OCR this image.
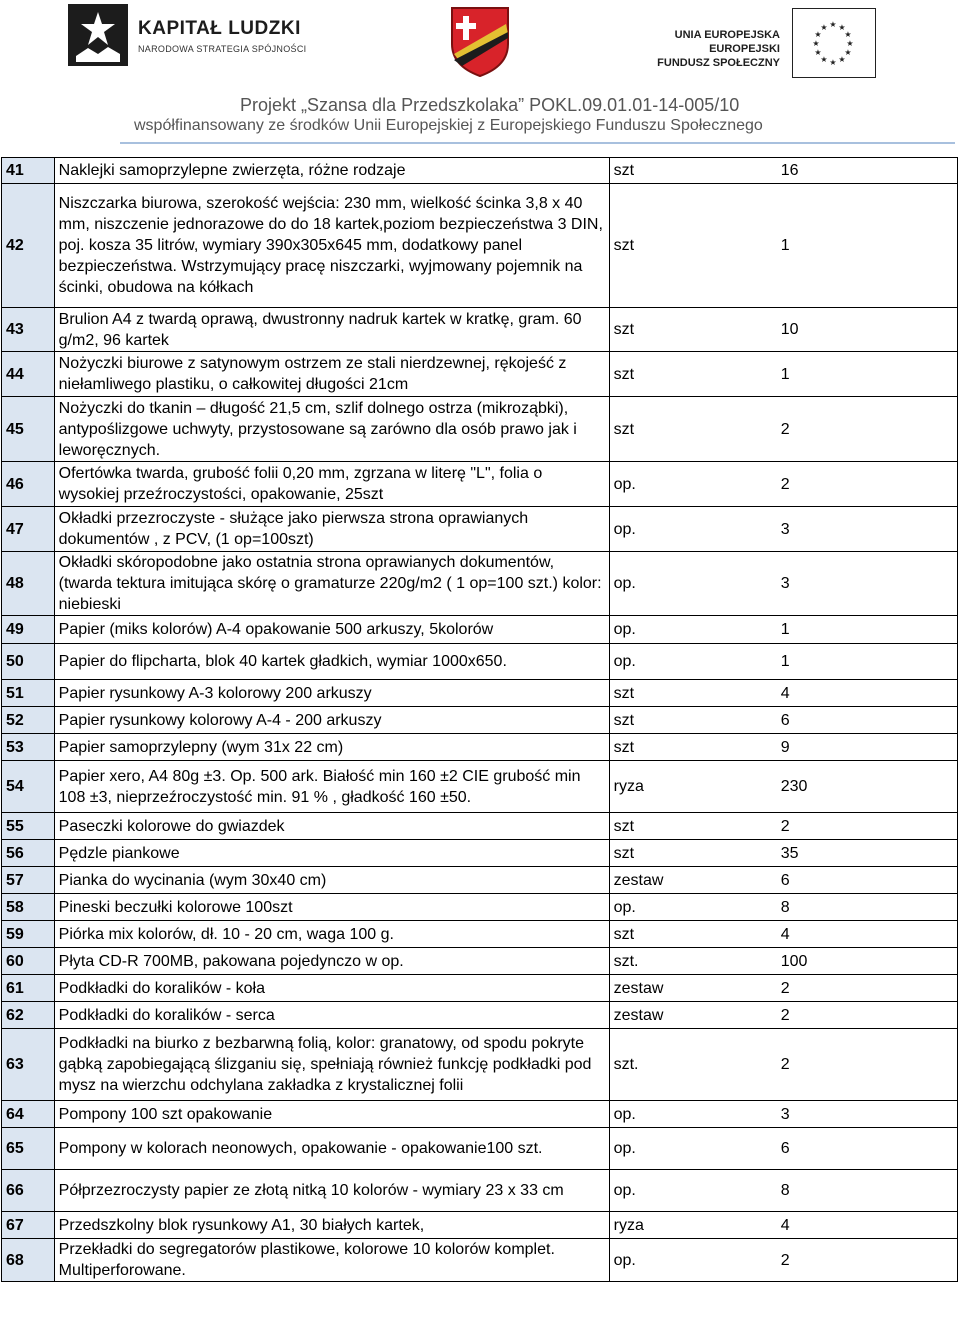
KAPITAŁ LUDZKI
NARODOWA STRATEGIA SPÓJNOŚCI
UNIA EUROPEJSKA
EUROPEJSKI
FUNDUSZ SPOŁECZNY
★ ★
★
★
★
★
★
★
★
★
★
★
Projekt „Szansa dla Przedszkolaka” POKL.09.01.01-14-005/10
współfinansowany ze środków Unii Europejskiej z Europejskiego Funduszu Społecznego
41	Naklejki samoprzylepne zwierzęta, różne rodzaje	szt	16
42	Niszczarka biurowa, szerokość wejścia: 230 mm, wielkość ścinka 3,8 x 40 mm, niszczenie jednorazowe do do 18 kartek,poziom bezpieczeństwa 3 DIN, poj. kosza 35 litrów, wymiary 390x305x645 mm, dodatkowy panel bezpieczeństwa. Wstrzymujący pracę niszczarki, wyjmowany pojemnik na ścinki, obudowa na kółkach	szt	1
43	Brulion A4 z twardą oprawą, dwustronny nadruk kartek w kratkę, gram. 60 g/m2, 96 kartek	szt	10
44	Nożyczki biurowe z satynowym ostrzem ze stali nierdzewnej, rękojeść z niełamliwego plastiku, o całkowitej długości 21cm	szt	1
45	Nożyczki do tkanin – długość 21,5 cm, szlif dolnego ostrza (mikroząbki), antypoślizgowe uchwyty, przystosowane są zarówno dla osób prawo jak i leworęcznych.	szt	2
46	Ofertówka twarda, grubość folii 0,20 mm, zgrzana w literę "L", folia o wysokiej przeźroczystości, opakowanie, 25szt	op.	2
47	Okładki przezroczyste - służące jako pierwsza strona oprawianych dokumentów , z PCV, (1 op=100szt)	op.	3
48	Okładki skóropodobne jako ostatnia strona oprawianych dokumentów, (twarda tektura imitująca skórę o gramaturze 220g/m2 ( 1 op=100 szt.) kolor: niebieski	op.	3
49	Papier (miks kolorów) A-4 opakowanie 500 arkuszy, 5kolorów	op.	1
50	Papier do flipcharta, blok 40 kartek gładkich, wymiar 1000x650.	op.	1
51	Papier rysunkowy A-3 kolorowy 200 arkuszy	szt	4
52	Papier rysunkowy kolorowy A-4 - 200 arkuszy	szt	6
53	Papier samoprzylepny (wym 31x 22 cm)	szt	9
54	Papier xero, A4 80g ±3. Op. 500 ark. Białość min 160 ±2 CIE grubość min 108 ±3, nieprzeźroczystość min. 91 % , gładkość 160 ±50.	ryza	230
55	Paseczki kolorowe do gwiazdek	szt	2
56	Pędzle piankowe	szt	35
57	Pianka do wycinania (wym 30x40 cm)	zestaw	6
58	Pineski beczułki kolorowe 100szt	op.	8
59	Piórka mix kolorów, dł. 10 - 20 cm, waga 100 g.	szt	4
60	Płyta CD-R 700MB, pakowana pojedynczo w op.	szt.	100
61	Podkładki do koralików - koła	zestaw	2
62	Podkładki do koralików - serca	zestaw	2
63	Podkładki na biurko z bezbarwną folią, kolor: granatowy, od spodu pokryte gąbką zapobiegającą ślizganiu się, spełniają również funkcję podkładki pod mysz na wierzchu odchylana zakładka z krystalicznej folii	szt.	2
64	Pompony 100 szt opakowanie	op.	3
65	Pompony w kolorach neonowych, opakowanie - opakowanie100 szt.	op.	6
66	Półprzezroczysty papier ze złotą nitką 10 kolorów - wymiary 23 x 33 cm	op.	8
67	Przedszkolny blok rysunkowy A1, 30 białych kartek,	ryza	4
68	Przekładki do segregatorów plastikowe, kolorowe 10 kolorów komplet. Multiperforowane.	op.	2
